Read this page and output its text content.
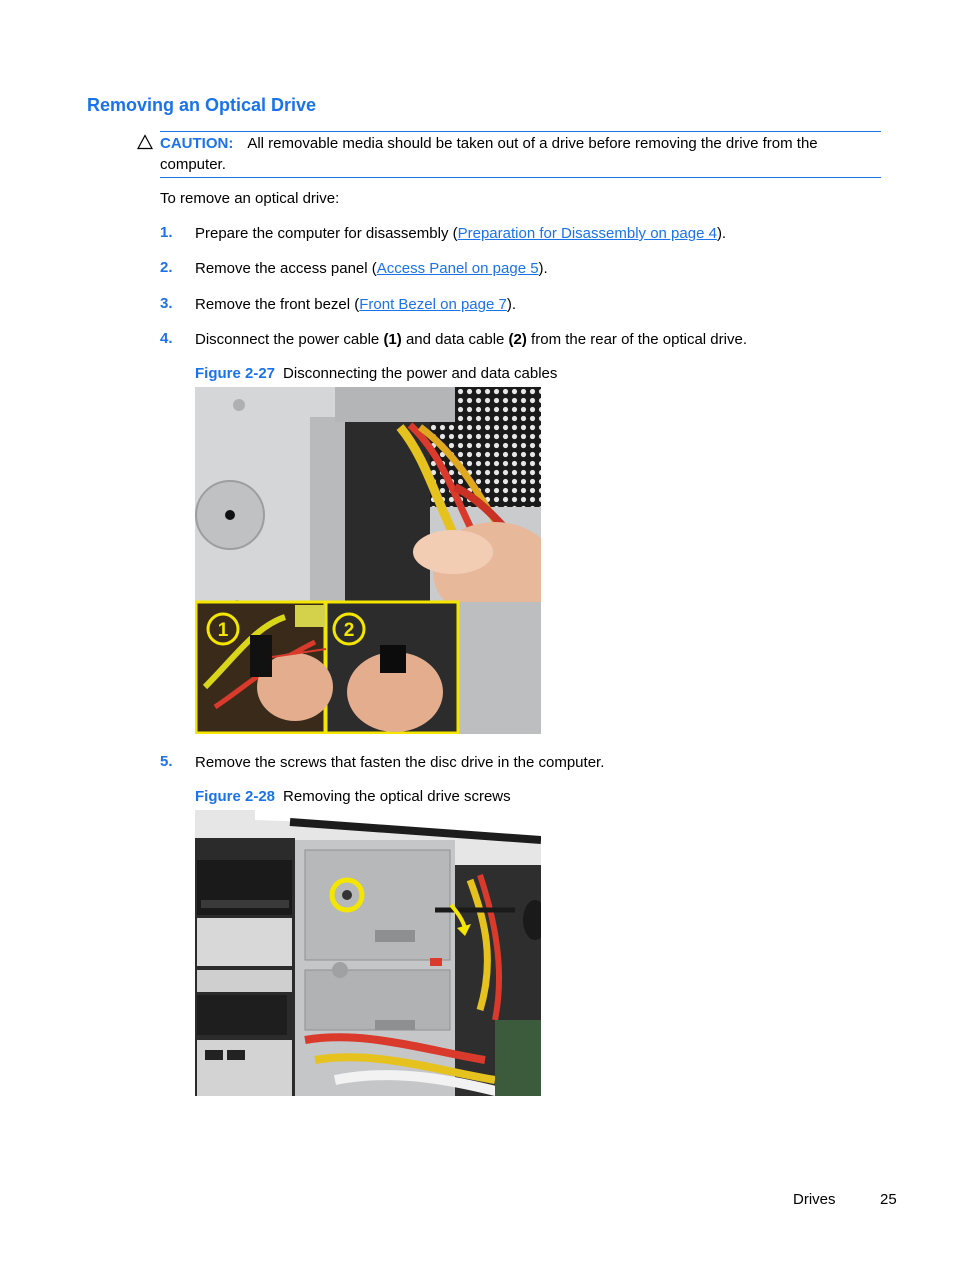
Removing an Optical Drive
CAUTION: All removable media should be taken out of a drive before removing the drive from the computer.
To remove an optical drive:
1. Prepare the computer for disassembly (Preparation for Disassembly on page 4).
2. Remove the access panel (Access Panel on page 5).
3. Remove the front bezel (Front Bezel on page 7).
4. Disconnect the power cable (1) and data cable (2) from the rear of the optical drive.
Figure 2-27 Disconnecting the power and data cables
1	2
5. Remove the screws that fasten the disc drive in the computer.
Figure 2-28 Removing the optical drive screws
Drives	25
